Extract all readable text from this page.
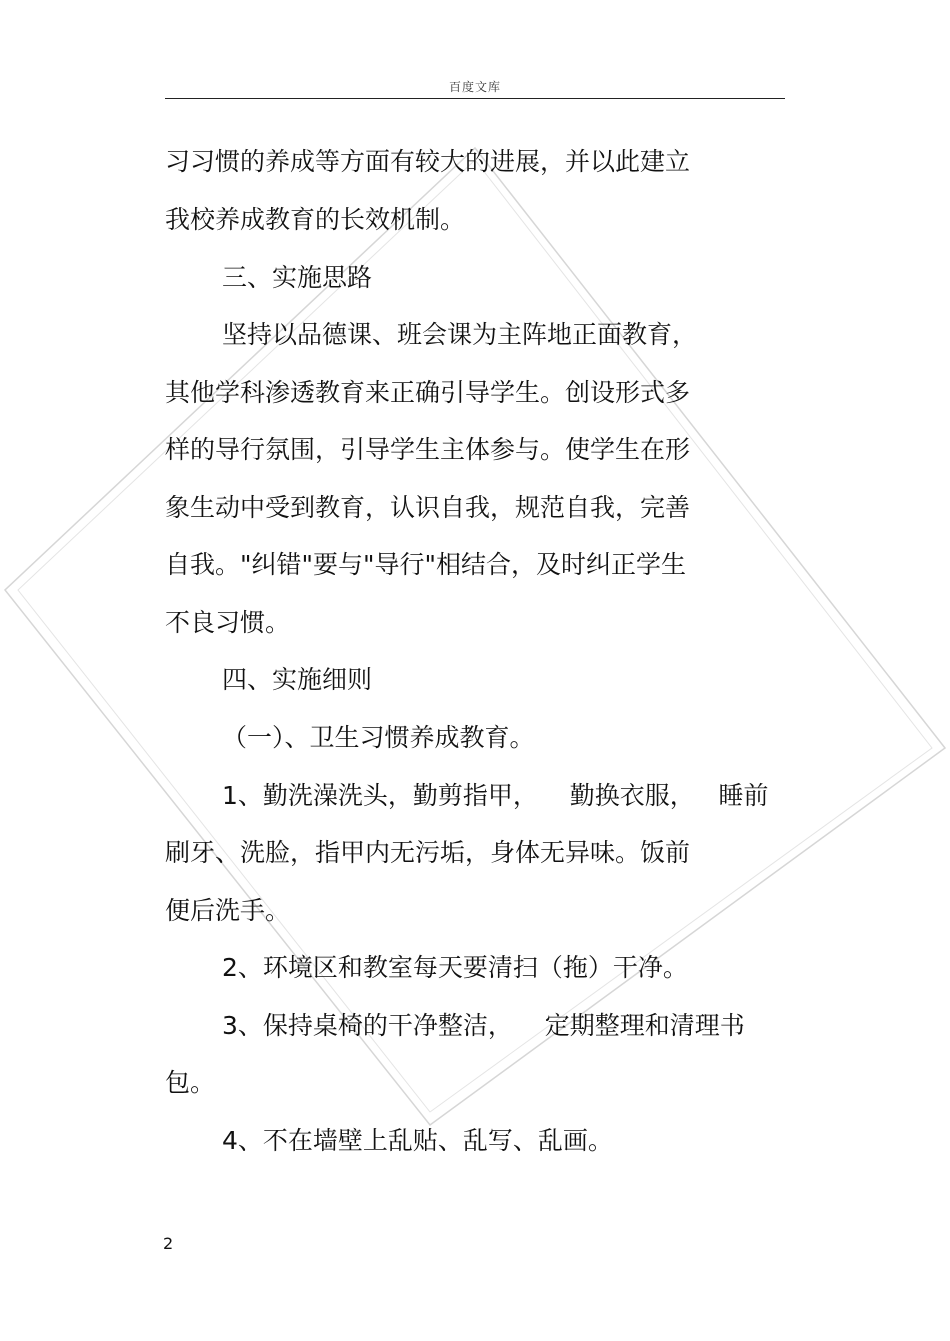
百度文库
习习惯的养成等方面有较大的进展，并以此建立
我校养成教育的长效机制。
三、实施思路
坚持以品德课、班会课为主阵地正面教育，
其他学科渗透教育来正确引导学生。创设形式多
样的导行氛围，引导学生主体参与。使学生在形
象生动中受到教育，认识自我，规范自我，完善
自我。"纠错"要与"导行"相结合，及时纠正学生
不良习惯。
四、实施细则
（一）、卫生习惯养成教育。
1、勤洗澡洗头，勤剪指甲，    勤换衣服，   睡前
刷牙、洗脸，指甲内无污垢，身体无异味。饭前
便后洗手。
2、环境区和教室每天要清扫（拖）干净。
3、保持桌椅的干净整洁，    定期整理和清理书
包。
4、不在墙壁上乱贴、乱写、乱画。
2
